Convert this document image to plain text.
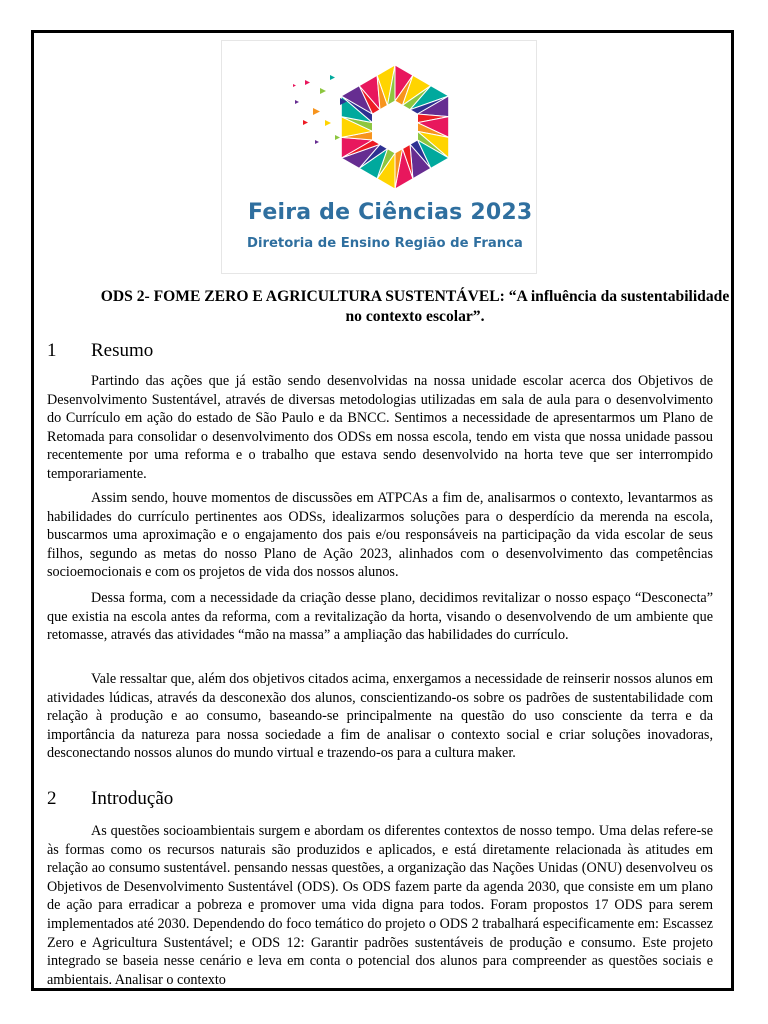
Feira de Ciências 2023
Diretoria de Ensino Região de Franca
ODS 2- FOME ZERO E AGRICULTURA SUSTENTÁVEL: “A influência da sustentabilidade no contexto escolar”.
1 Resumo

Partindo das ações que já estão sendo desenvolvidas na nossa unidade escolar acerca dos Objetivos de Desenvolvimento Sustentável, através de diversas metodologias utilizadas em sala de aula para o desenvolvimento do Currículo em ação do estado de São Paulo e da BNCC. Sentimos a necessidade de apresentarmos um Plano de Retomada para consolidar o desenvolvimento dos ODSs em nossa escola, tendo em vista que nossa unidade passou recentemente por uma reforma e o trabalho que estava sendo desenvolvido na horta teve que ser interrompido temporariamente.

Assim sendo, houve momentos de discussões em ATPCAs a fim de, analisarmos o contexto, levantarmos as habilidades do currículo pertinentes aos ODSs, idealizarmos soluções para o desperdício da merenda na escola, buscarmos uma aproximação e o engajamento dos pais e/ou responsáveis na participação da vida escolar de seus filhos, segundo as metas do nosso Plano de Ação 2023, alinhados com o desenvolvimento das competências socioemocionais e com os projetos de vida dos nossos alunos.

Dessa forma, com a necessidade da criação desse plano, decidimos revitalizar o nosso espaço “Desconecta” que existia na escola antes da reforma, com a revitalização da horta, visando o desenvolvendo de um ambiente que retomasse, através das atividades “mão na massa” a ampliação das habilidades do currículo.

Vale ressaltar que, além dos objetivos citados acima, enxergamos a necessidade de reinserir nossos alunos em atividades lúdicas, através da desconexão dos alunos, conscientizando-os sobre os padrões de sustentabilidade com relação à produção e ao consumo, baseando-se principalmente na questão do uso consciente da terra e da importância da natureza para nossa sociedade a fim de analisar o contexto social e criar soluções inovadoras, desconectando nossos alunos do mundo virtual e trazendo-os para a cultura maker.

2 Introdução

As questões socioambientais surgem e abordam os diferentes contextos de nosso tempo. Uma delas refere-se às formas como os recursos naturais são produzidos e aplicados, e está diretamente relacionada às atitudes em relação ao consumo sustentável. pensando nessas questões, a organização das Nações Unidas (ONU) desenvolveu os Objetivos de Desenvolvimento Sustentável (ODS). Os ODS fazem parte da agenda 2030, que consiste em um plano de ação para erradicar a pobreza e promover uma vida digna para todos. Foram propostos 17 ODS para serem implementados até 2030. Dependendo do foco temático do projeto o ODS 2 trabalhará especificamente em: Escassez Zero e Agricultura Sustentável; e ODS 12: Garantir padrões sustentáveis de produção e consumo. Este projeto integrado se baseia nesse cenário e leva em conta o potencial dos alunos para compreender as questões sociais e ambientais. Analisar o contexto
